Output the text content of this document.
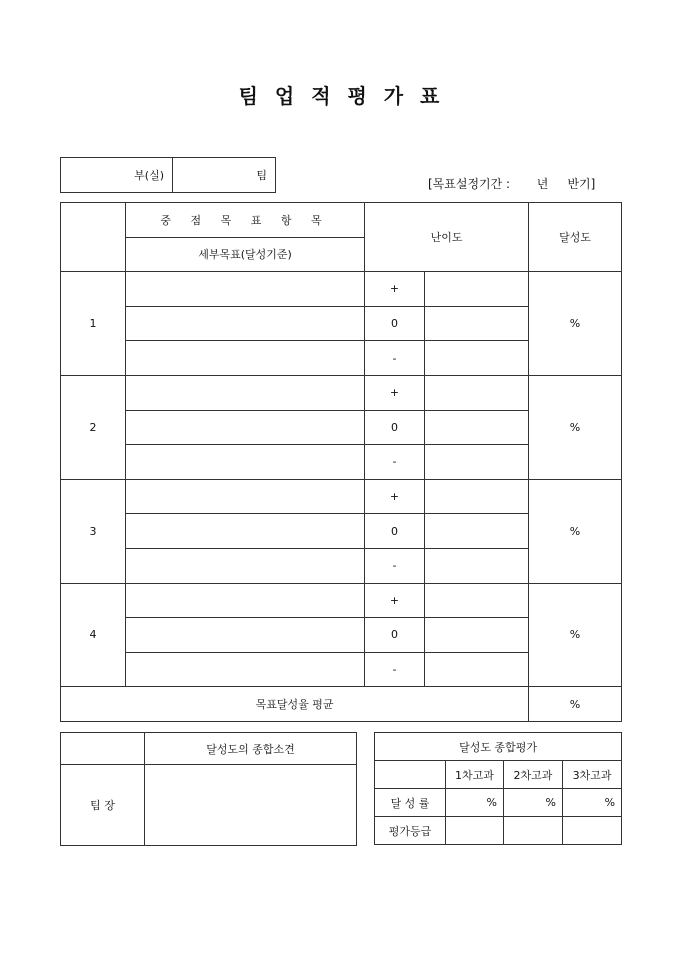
팀 업 적 평 가 표
부(실)	팀
[목표설정기간 :       년     반기]
	중 점 목 표 항 목	난이도		달성도
	세부목표(달성기준)			
1		+		%
		0		
		-		
2		+		%
		0		
		-		
3		+		%
		0		
		-		
4		+		%
		0		
		-		
목표달성율 평균				%
	달성도의 종합소견
팀 장	
달성도 종합평가			
	1차고과	2차고과	3차고과
달 성 률	%	%	%
평가등급			
